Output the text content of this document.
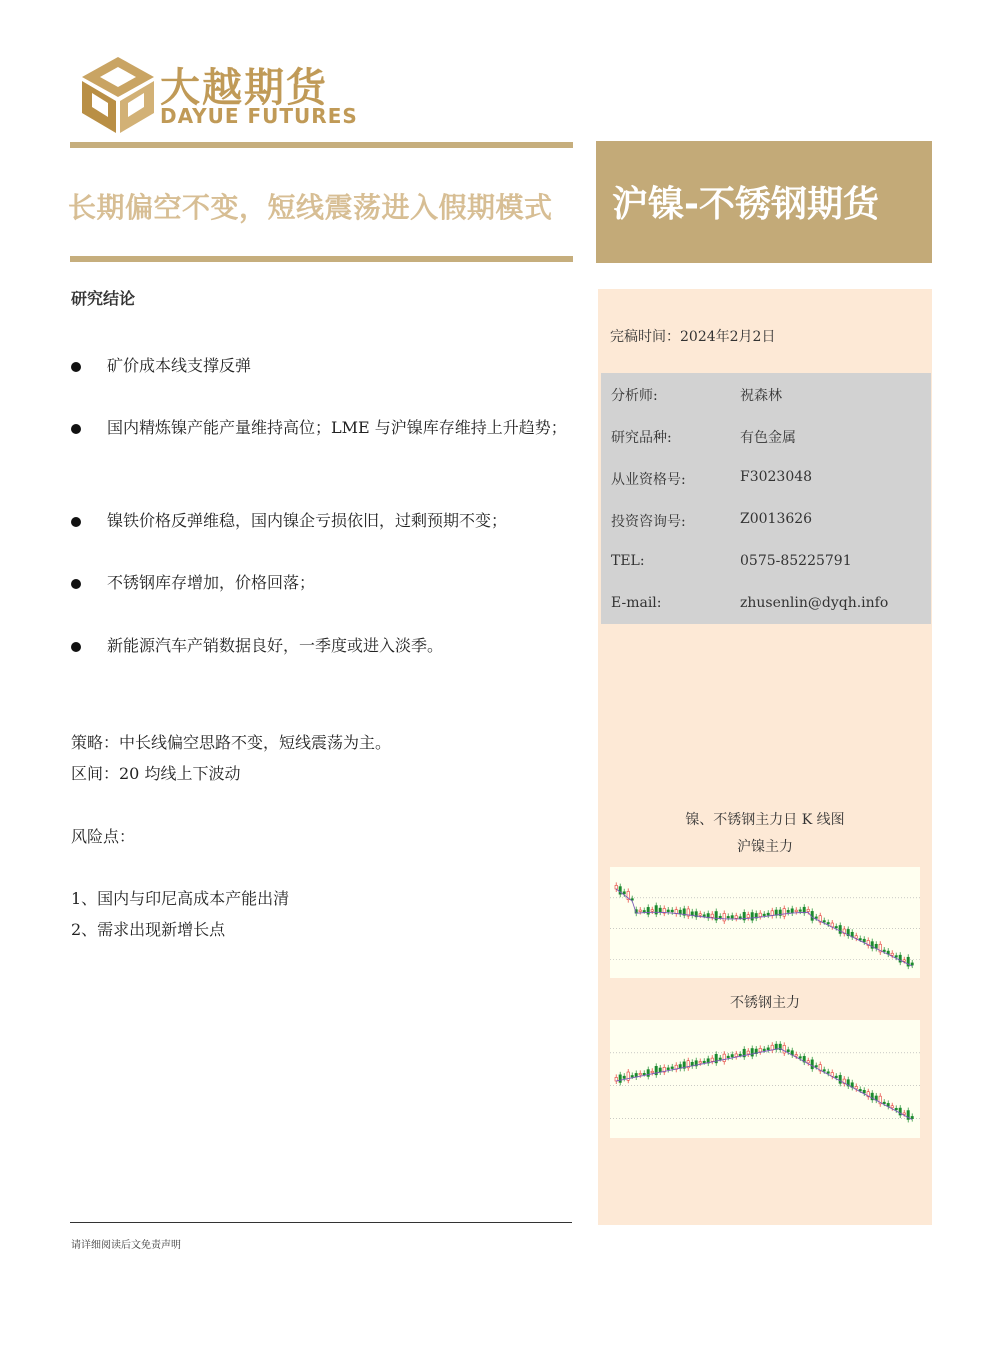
大越期货
DAYUE FUTURES
长期偏空不变，短线震荡进入假期模式 沪镍-不锈钢期货
完稿时间：2024年2月2日
分析师:	祝森林
研究品种:	有色金属
从业资格号:	F3023048
投资咨询号:	Z0013626
TEL:	0575-85225791
E-mail:	zhusenlin@dyqh.info
镍、不锈钢主力日 K 线图
沪镍主力
不锈钢主力
研究结论
矿价成本线支撑反弹
国内精炼镍产能产量维持高位；LME 与沪镍库存维持上升趋势；
镍铁价格反弹维稳，国内镍企亏损依旧，过剩预期不变；
不锈钢库存增加，价格回落；
新能源汽车产销数据良好，一季度或进入淡季。
策略：中长线偏空思路不变，短线震荡为主。
区间：20 均线上下波动
风险点：
1、国内与印尼高成本产能出清
2、需求出现新增长点
请详细阅读后文免责声明
